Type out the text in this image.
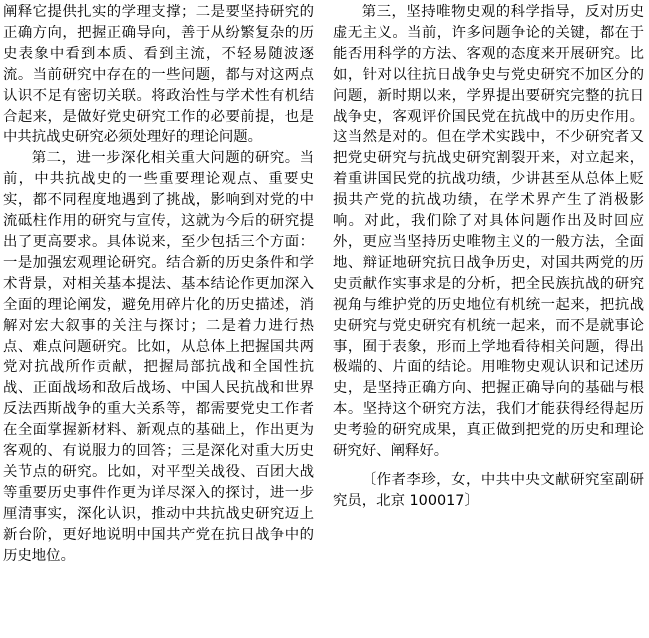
阐释它提供扎实的学理支撑；二是要坚持研究的正确方向，把握正确导向，善于从纷繁复杂的历史表象中看到本质、看到主流，不轻易随波逐流。当前研究中存在的一些问题，都与对这两点认识不足有密切关联。将政治性与学术性有机结合起来，是做好党史研究工作的必要前提，也是中共抗战史研究必须处理好的理论问题。

第二，进一步深化相关重大问题的研究。当前，中共抗战史的一些重要理论观点、重要史实，都不同程度地遇到了挑战，影响到对党的中流砥柱作用的研究与宣传，这就为今后的研究提出了更高要求。具体说来，至少包括三个方面：一是加强宏观理论研究。结合新的历史条件和学术背景，对相关基本提法、基本结论作更加深入全面的理论阐发，避免用碎片化的历史描述，消解对宏大叙事的关注与探讨；二是着力进行热点、难点问题研究。比如，从总体上把握国共两党对抗战所作贡献，把握局部抗战和全国性抗战、正面战场和敌后战场、中国人民抗战和世界反法西斯战争的重大关系等，都需要党史工作者在全面掌握新材料、新观点的基础上，作出更为客观的、有说服力的回答；三是深化对重大历史关节点的研究。比如，对平型关战役、百团大战等重要历史事件作更为详尽深入的探讨，进一步厘清事实，深化认识，推动中共抗战史研究迈上新台阶，更好地说明中国共产党在抗日战争中的历史地位。

第三，坚持唯物史观的科学指导，反对历史虚无主义。当前，许多问题争论的关键，都在于能否用科学的方法、客观的态度来开展研究。比如，针对以往抗日战争史与党史研究不加区分的问题，新时期以来，学界提出要研究完整的抗日战争史，客观评价国民党在抗战中的历史作用。这当然是对的。但在学术实践中，不少研究者又把党史研究与抗战史研究割裂开来，对立起来，着重讲国民党的抗战功绩，少讲甚至从总体上贬损共产党的抗战功绩，在学术界产生了消极影响。对此，我们除了对具体问题作出及时回应外，更应当坚持历史唯物主义的一般方法，全面地、辩证地研究抗日战争历史，对国共两党的历史贡献作实事求是的分析，把全民族抗战的研究视角与维护党的历史地位有机统一起来，把抗战史研究与党史研究有机统一起来，而不是就事论事，囿于表象，形而上学地看待相关问题，得出极端的、片面的结论。用唯物史观认识和记述历史，是坚持正确方向、把握正确导向的基础与根本。坚持这个研究方法，我们才能获得经得起历史考验的研究成果，真正做到把党的历史和理论研究好、阐释好。

〔作者李珍，女，中共中央文献研究室副研究员，北京 100017〕
